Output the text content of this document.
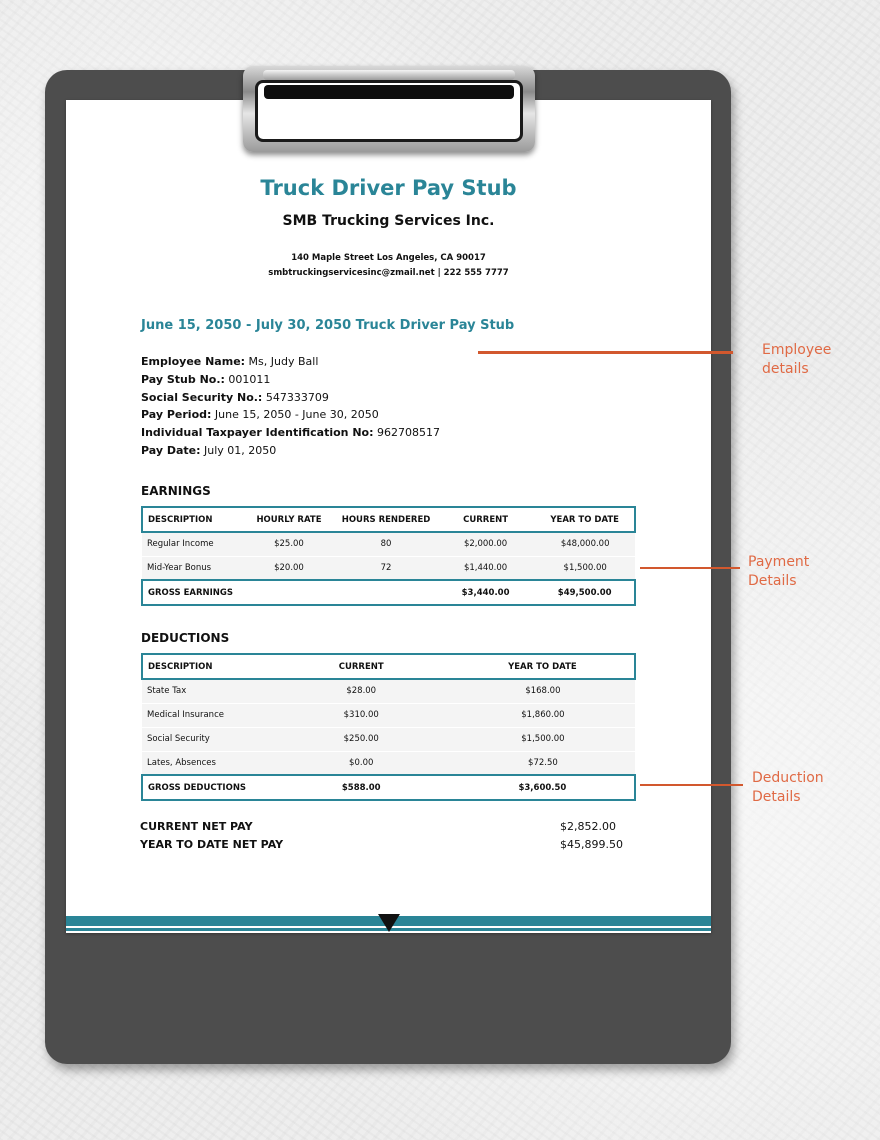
Truck Driver Pay Stub
SMB Trucking Services Inc.
140 Maple Street Los Angeles, CA 90017
smbtruckingservicesinc@zmail.net | 222 555 7777
June 15, 2050 - July 30, 2050 Truck Driver Pay Stub
Employee Name: Ms, Judy Ball
Pay Stub No.: 001011
Social Security No.: 547333709
Pay Period: June 15, 2050 - June 30, 2050
Individual Taxpayer Identification No: 962708517
Pay Date: July 01, 2050
EARNINGS
DESCRIPTION	HOURLY RATE	HOURS RENDERED	CURRENT	YEAR TO DATE
Regular Income	$25.00	80	$2,000.00	$48,000.00
Mid-Year Bonus	$20.00	72	$1,440.00	$1,500.00
GROSS EARNINGS			$3,440.00	$49,500.00
DEDUCTIONS
DESCRIPTION	CURRENT	YEAR TO DATE
State Tax	$28.00	$168.00
Medical Insurance	$310.00	$1,860.00
Social Security	$250.00	$1,500.00
Lates, Absences	$0.00	$72.50
GROSS DEDUCTIONS	$588.00	$3,600.50
CURRENT NET PAY	$2,852.00
YEAR TO DATE NET PAY	$45,899.50
Employee
details
Payment
Details
Deduction
Details
